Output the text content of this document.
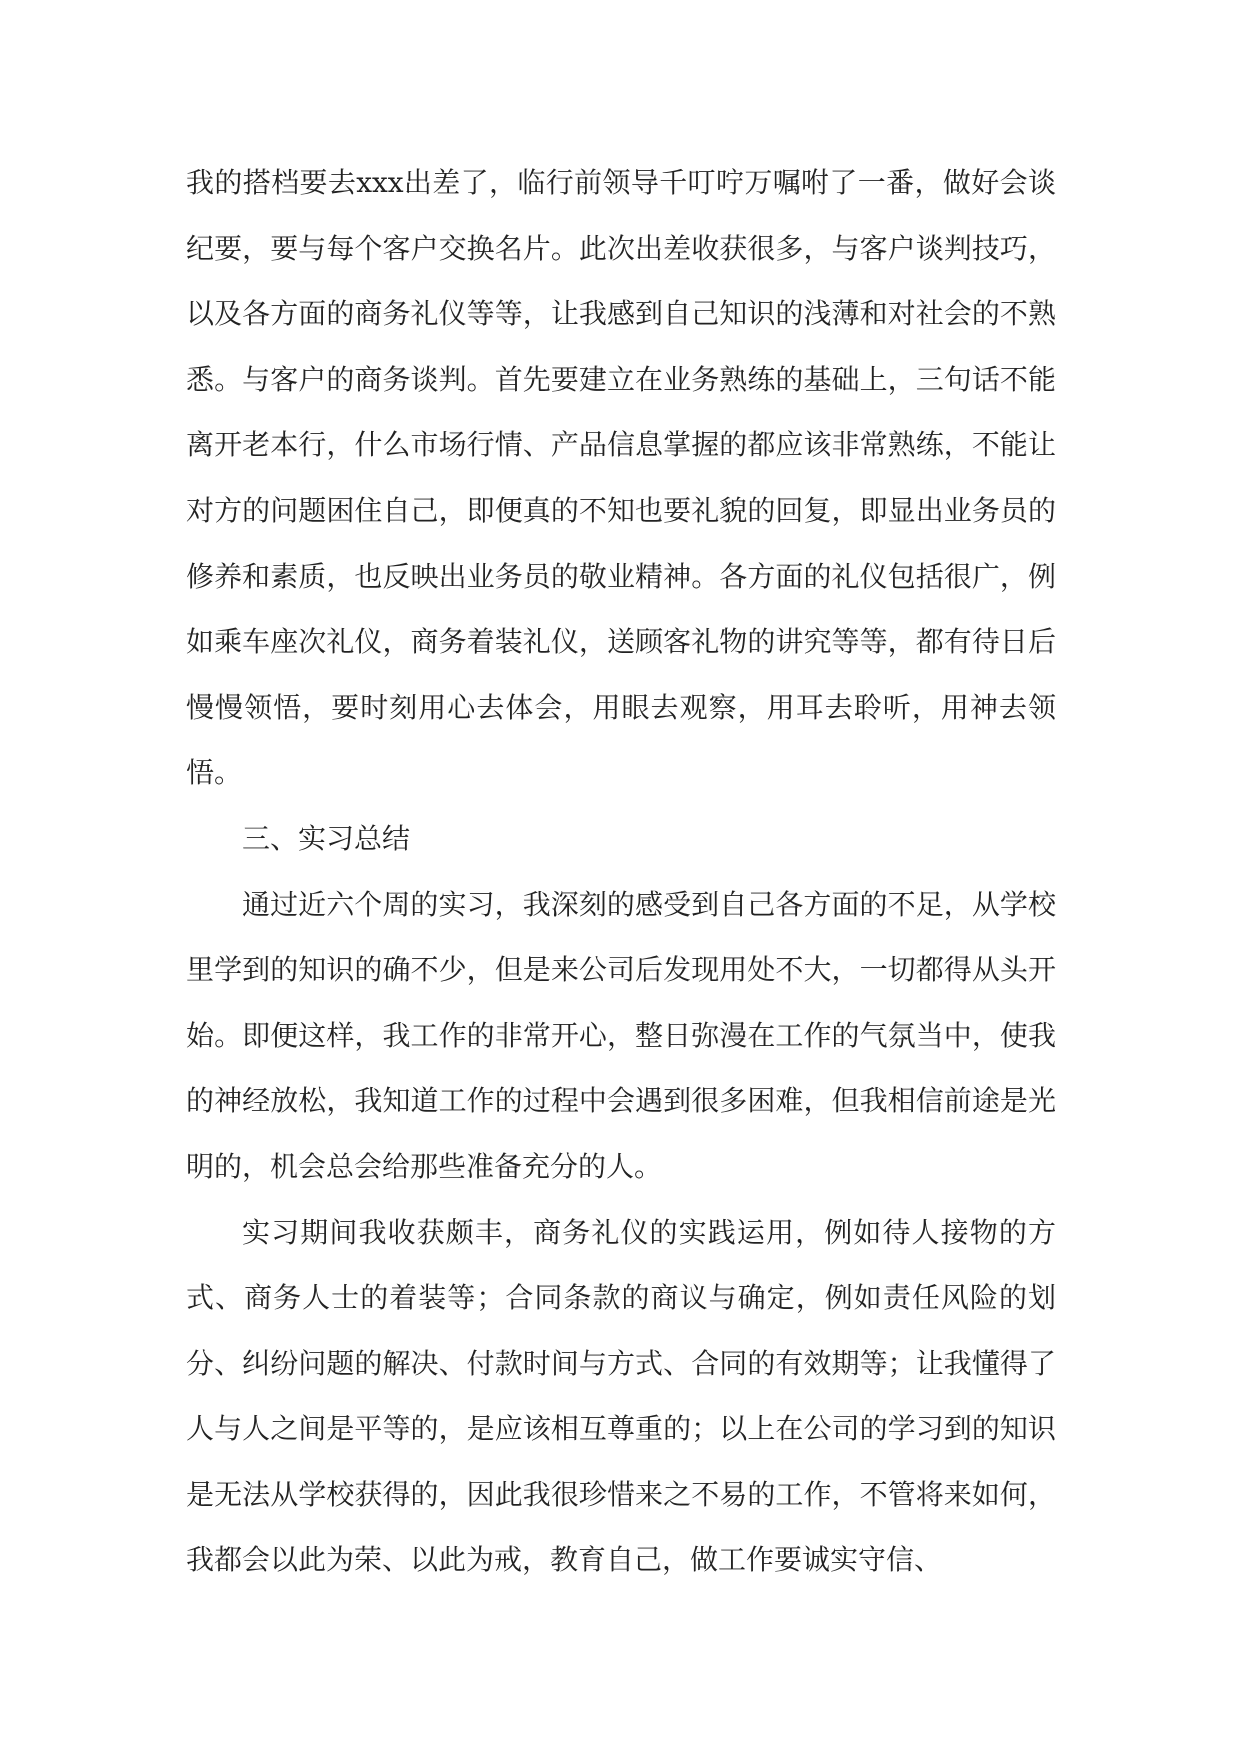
我的搭档要去xxx出差了，临行前领导千叮咛万嘱咐了一番，做好会谈纪要，要与每个客户交换名片。此次出差收获很多，与客户谈判技巧，以及各方面的商务礼仪等等，让我感到自己知识的浅薄和对社会的不熟悉。与客户的商务谈判。首先要建立在业务熟练的基础上，三句话不能离开老本行，什么市场行情、产品信息掌握的都应该非常熟练，不能让对方的问题困住自己，即便真的不知也要礼貌的回复，即显出业务员的修养和素质，也反映出业务员的敬业精神。各方面的礼仪包括很广，例如乘车座次礼仪，商务着装礼仪，送顾客礼物的讲究等等，都有待日后慢慢领悟，要时刻用心去体会，用眼去观察，用耳去聆听，用神去领悟。

三、实习总结

通过近六个周的实习，我深刻的感受到自己各方面的不足，从学校里学到的知识的确不少，但是来公司后发现用处不大，一切都得从头开始。即便这样，我工作的非常开心，整日弥漫在工作的气氛当中，使我的神经放松，我知道工作的过程中会遇到很多困难，但我相信前途是光明的，机会总会给那些准备充分的人。

实习期间我收获颇丰，商务礼仪的实践运用，例如待人接物的方式、商务人士的着装等；合同条款的商议与确定，例如责任风险的划分、纠纷问题的解决、付款时间与方式、合同的有效期等；让我懂得了人与人之间是平等的，是应该相互尊重的；以上在公司的学习到的知识是无法从学校获得的，因此我很珍惜来之不易的工作，不管将来如何，我都会以此为荣、以此为戒，教育自己，做工作要诚实守信、
